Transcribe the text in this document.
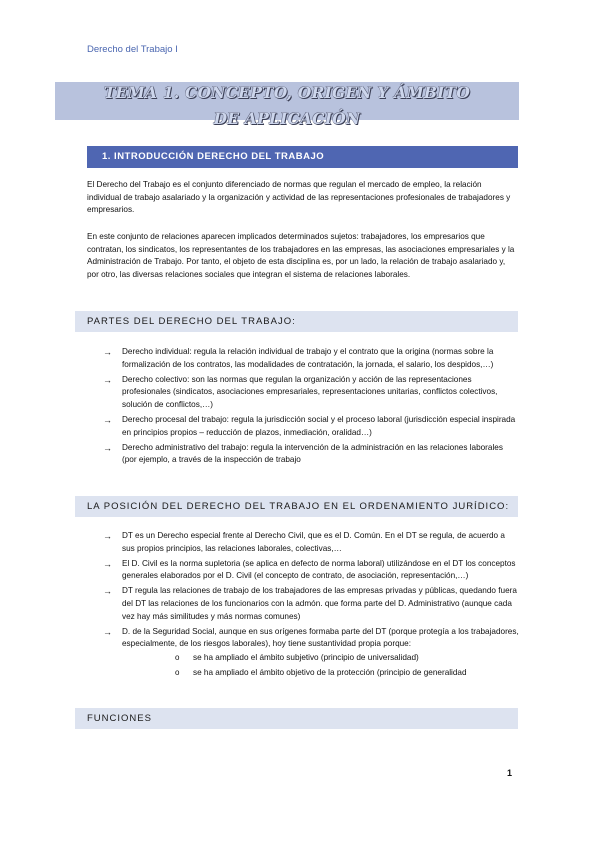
Derecho del Trabajo I
TEMA 1. CONCEPTO, ORIGEN Y ÁMBITO
DE APLICACIÓN
1. INTRODUCCIÓN DERECHO DEL TRABAJO
El Derecho del Trabajo es el conjunto diferenciado de normas que regulan el mercado de empleo, la relación individual de trabajo asalariado y la organización y actividad de las representaciones profesionales de trabajadores y empresarios.
En este conjunto de relaciones aparecen implicados determinados sujetos: trabajadores, los empresarios que contratan, los sindicatos, los representantes de los trabajadores en las empresas, las asociaciones empresariales y la Administración de Trabajo. Por tanto, el objeto de esta disciplina es, por un lado, la relación de trabajo asalariado y, por otro, las diversas relaciones sociales que integran el sistema de relaciones laborales.
PARTES DEL DERECHO DEL TRABAJO:
→ Derecho individual: regula la relación individual de trabajo y el contrato que la origina (normas sobre la formalización de los contratos, las modalidades de contratación, la jornada, el salario, los despidos,…)
→ Derecho colectivo: son las normas que regulan la organización y acción de las representaciones profesionales (sindicatos, asociaciones empresariales, representaciones unitarias, conflictos colectivos, solución de conflictos,…)
→ Derecho procesal del trabajo: regula la jurisdicción social y el proceso laboral (jurisdicción especial inspirada en principios propios – reducción de plazos, inmediación, oralidad…)
→ Derecho administrativo del trabajo: regula la intervención de la administración en las relaciones laborales (por ejemplo, a través de la inspección de trabajo
LA POSICIÓN DEL DERECHO DEL TRABAJO EN EL ORDENAMIENTO JURÍDICO:
→ DT es un Derecho especial frente al Derecho Civil, que es el D. Común. En el DT se regula, de acuerdo a sus propios principios, las relaciones laborales, colectivas,…
→ El D. Civil es la norma supletoria (se aplica en defecto de norma laboral) utilizándose en el DT los conceptos generales elaborados por el D. Civil (el concepto de contrato, de asociación, representación,…)
→ DT regula las relaciones de trabajo de los trabajadores de las empresas privadas y públicas, quedando fuera del DT las relaciones de los funcionarios con la admón. que forma parte del D. Administrativo (aunque cada vez hay más similitudes y más normas comunes)
→ D. de la Seguridad Social, aunque en sus orígenes formaba parte del DT (porque protegía a los trabajadores, especialmente, de los riesgos laborales), hoy tiene sustantividad propia porque:
o se ha ampliado el ámbito subjetivo (principio de universalidad)
o se ha ampliado el ámbito objetivo de la protección (principio de generalidad
FUNCIONES
1
